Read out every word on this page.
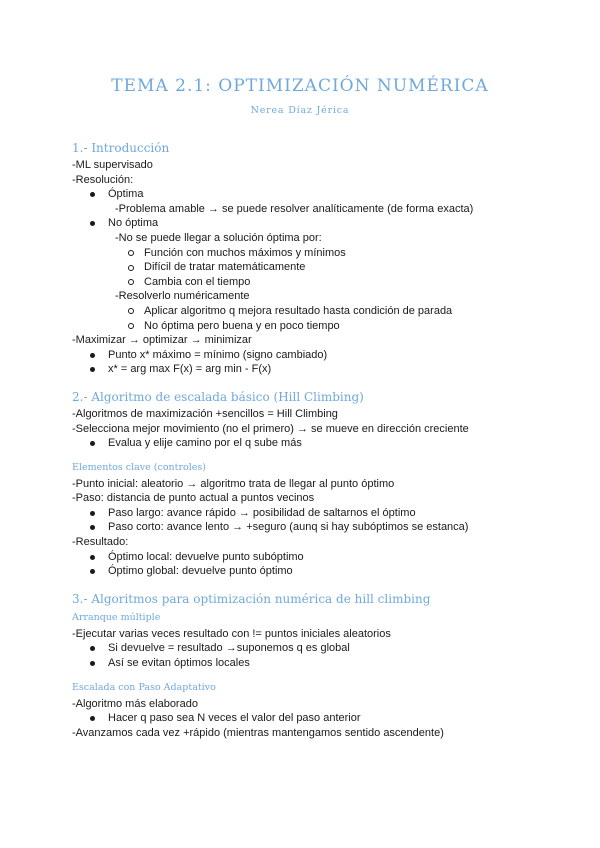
TEMA 2.1: OPTIMIZACIÓN NUMÉRICA
Nerea Díaz Jérica
1.- Introducción
-ML supervisado
-Resolución:
Óptima
-Problema amable → se puede resolver analíticamente (de forma exacta)
No óptima
-No se puede llegar a solución óptima por:
Función con muchos máximos y mínimos
Difícil de tratar matemáticamente
Cambia con el tiempo
-Resolverlo numéricamente
Aplicar algoritmo q mejora resultado hasta condición de parada
No óptima pero buena y en poco tiempo
-Maximizar → optimizar → minimizar
Punto x* máximo = mínimo (signo cambiado)
x* = arg max F(x) = arg min - F(x)
2.- Algoritmo de escalada básico (Hill Climbing)
-Algoritmos de maximización +sencillos = Hill Climbing
-Selecciona mejor movimiento (no el primero) → se mueve en dirección creciente
Evalua y elije camino por el q sube más
Elementos clave (controles)
-Punto inicial: aleatorio → algoritmo trata de llegar al punto óptimo
-Paso: distancia de punto actual a puntos vecinos
Paso largo: avance rápido → posibilidad de saltarnos el óptimo
Paso corto: avance lento → +seguro (aunq si hay subóptimos se estanca)
-Resultado:
Óptimo local: devuelve punto subóptimo
Óptimo global: devuelve punto óptimo
3.- Algoritmos para optimización numérica de hill climbing
Arranque múltiple
-Ejecutar varias veces resultado con != puntos iniciales aleatorios
Si devuelve = resultado →suponemos q es global
Así se evitan óptimos locales
Escalada con Paso Adaptativo
-Algoritmo más elaborado
Hacer q paso sea N veces el valor del paso anterior
-Avanzamos cada vez +rápido (mientras mantengamos sentido ascendente)
